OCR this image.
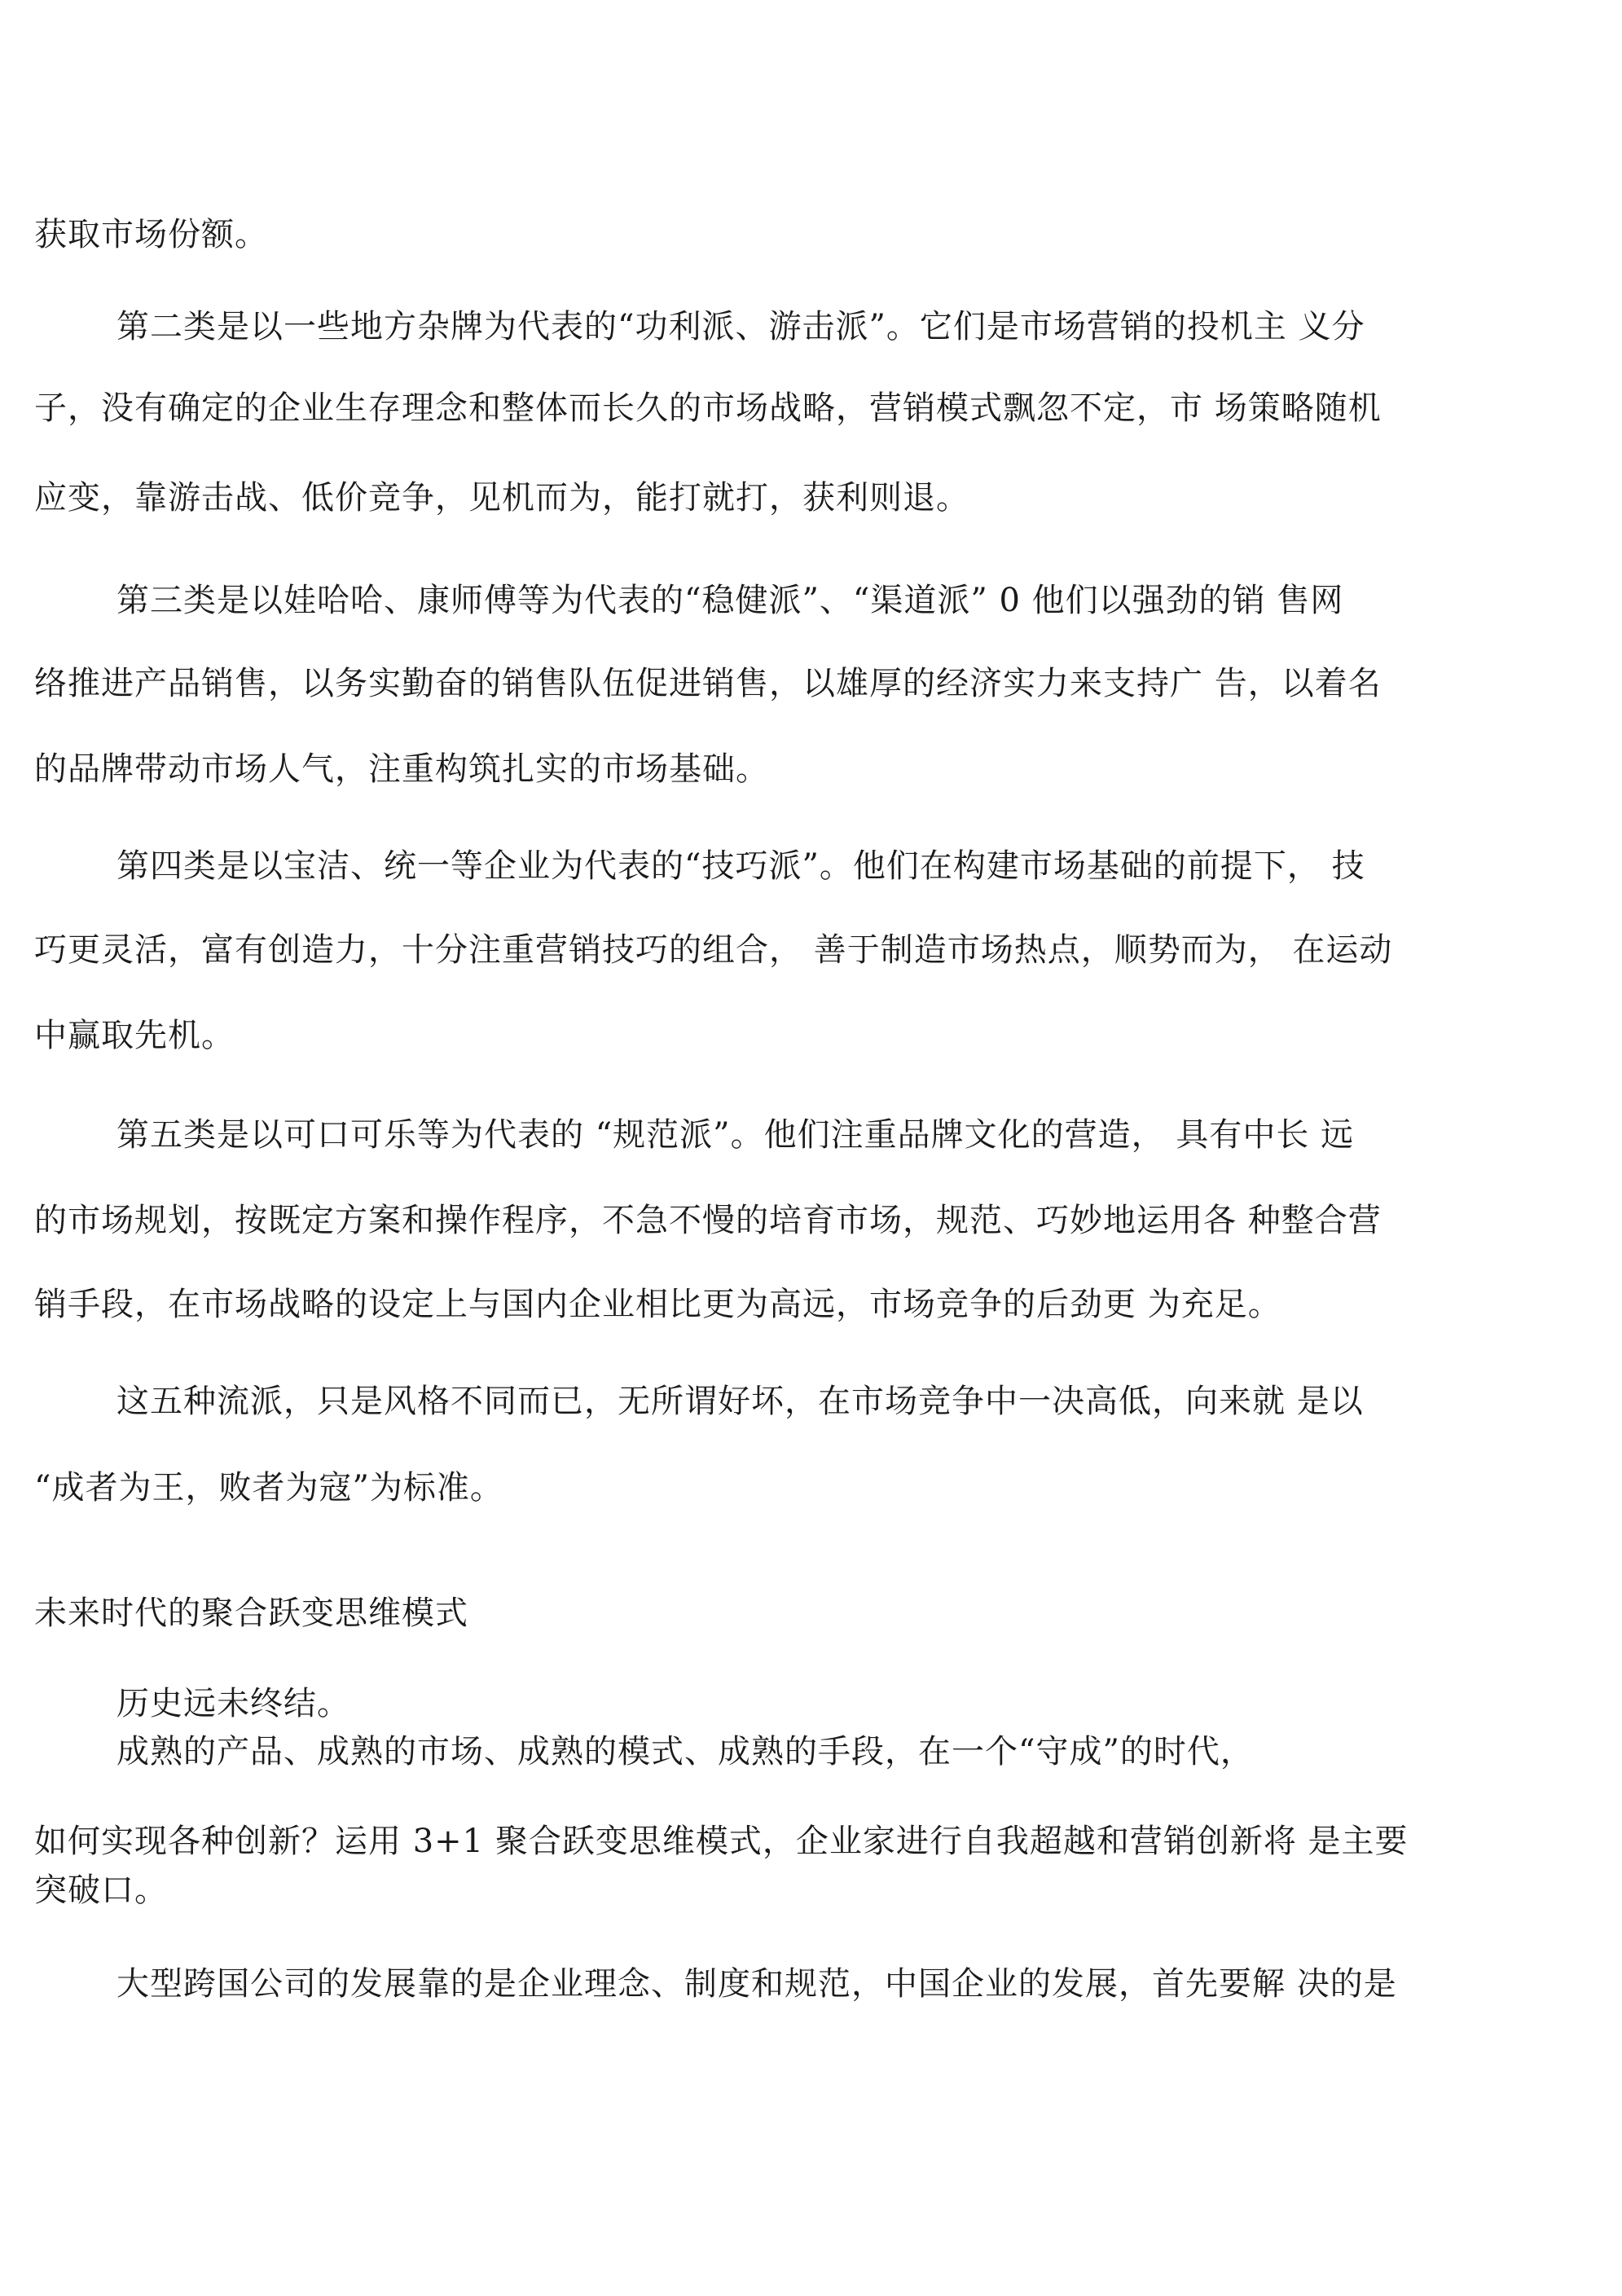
获取市场份额。
第二类是以一些地方杂牌为代表的“功利派、游击派”。它们是市场营销的投机主 义分
子，没有确定的企业生存理念和整体而长久的市场战略，营销模式飘忽不定，市 场策略随机
应变，靠游击战、低价竞争，见机而为，能打就打，获利则退。
第三类是以娃哈哈、康师傅等为代表的“稳健派”、“渠道派” 0 他们以强劲的销 售网
络推进产品销售，以务实勤奋的销售队伍促进销售，以雄厚的经济实力来支持广 告，以着名
的品牌带动市场人气，注重构筑扎实的市场基础。
第四类是以宝洁、统一等企业为代表的“技巧派”。他们在构建市场基础的前提下， 技
巧更灵活，富有创造力，十分注重营销技巧的组合， 善于制造市场热点，顺势而为， 在运动
中赢取先机。
第五类是以可口可乐等为代表的 “规范派”。他们注重品牌文化的营造， 具有中长 远
的市场规划，按既定方案和操作程序，不急不慢的培育市场，规范、巧妙地运用各 种整合营
销手段，在市场战略的设定上与国内企业相比更为高远，市场竞争的后劲更 为充足。
这五种流派，只是风格不同而已，无所谓好坏，在市场竞争中一决高低，向来就 是以
“成者为王，败者为寇”为标准。
未来时代的聚合跃变思维模式
历史远未终结。
成熟的产品、成熟的市场、成熟的模式、成熟的手段，在一个“守成”的时代，
如何实现各种创新？运用 3+1 聚合跃变思维模式，企业家进行自我超越和营销创新将 是主要
突破口。
大型跨国公司的发展靠的是企业理念、制度和规范，中国企业的发展，首先要解 决的是
